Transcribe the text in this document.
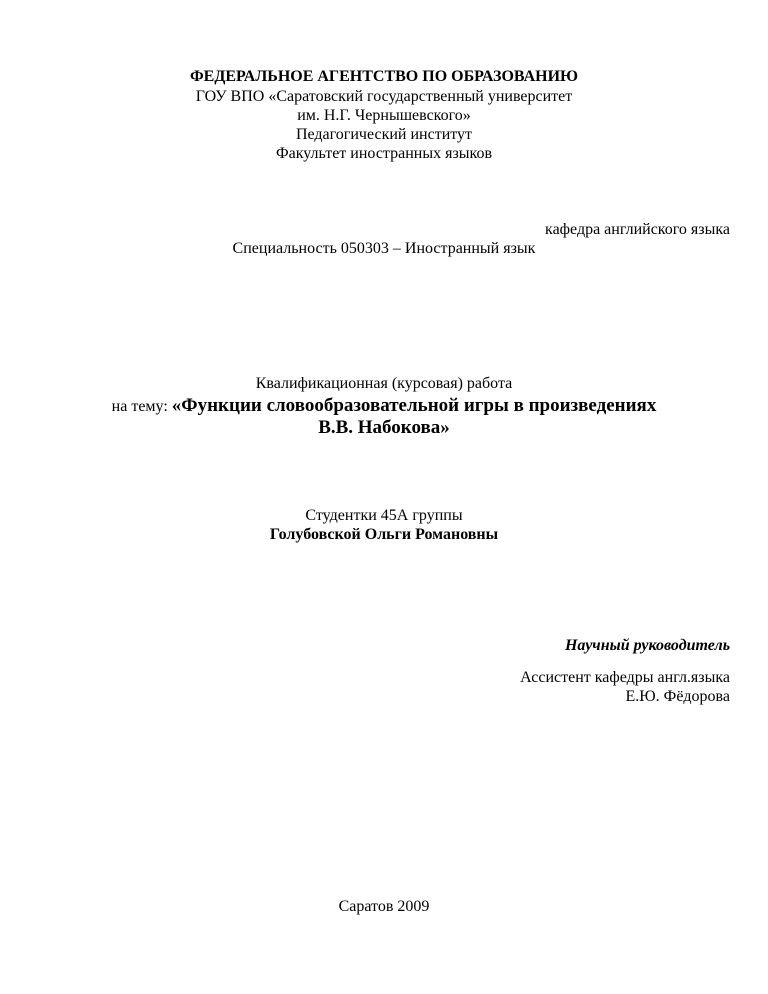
ФЕДЕРАЛЬНОЕ АГЕНТСТВО ПО ОБРАЗОВАНИЮ
ГОУ ВПО «Саратовский государственный университет
им. Н.Г. Чернышевского»
Педагогический институт
Факультет иностранных языков
кафедра английского языка
Специальность 050303 – Иностранный язык
Квалификационная (курсовая) работа
на тему: «Функции словообразовательной игры в произведениях
В.В. Набокова»
Студентки 45А группы
Голубовской Ольги Романовны
Научный руководитель
Ассистент кафедры англ.языка
Е.Ю. Фёдорова
Саратов 2009
